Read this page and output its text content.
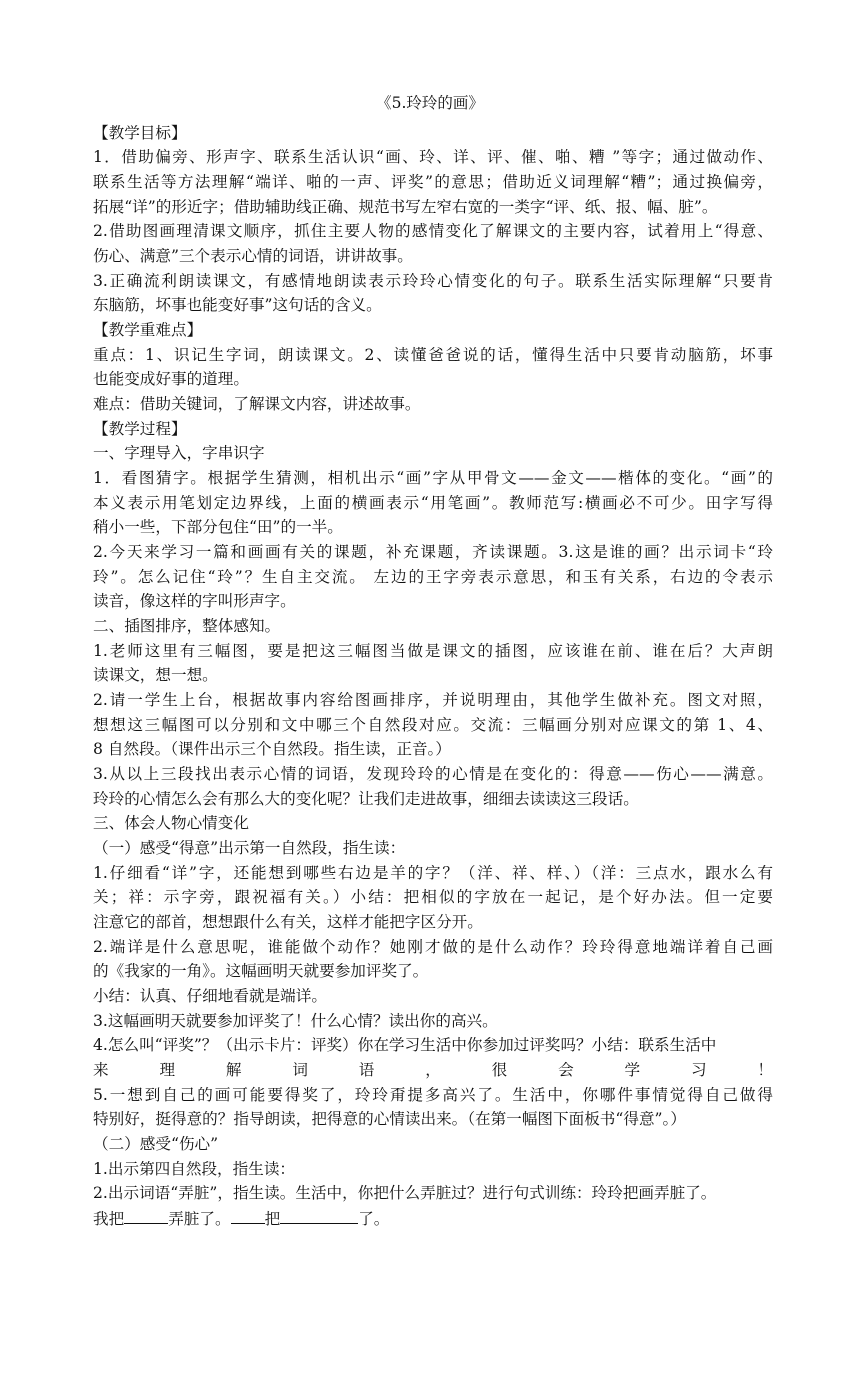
《5.玲玲的画》
【教学目标】
1．借助偏旁、形声字、联系生活认识“画、玲、详、评、催、啪、糟 ”等字；通过做动作、
联系生活等方法理解“端详、啪的一声、评奖”的意思；借助近义词理解“糟”；通过换偏旁，
拓展“详”的形近字；借助辅助线正确、规范书写左窄右宽的一类字“评、纸、报、幅、脏”。
2.借助图画理清课文顺序，抓住主要人物的感情变化了解课文的主要内容，试着用上“得意、
伤心、满意”三个表示心情的词语，讲讲故事。
3.正确流利朗读课文，有感情地朗读表示玲玲心情变化的句子。联系生活实际理解“只要肯
东脑筋，坏事也能变好事”这句话的含义。
【教学重难点】
重点：1、识记生字词，朗读课文。2、读懂爸爸说的话，懂得生活中只要肯动脑筋，坏事
也能变成好事的道理。
难点：借助关键词，了解课文内容，讲述故事。
【教学过程】
一、字理导入，字串识字
1．看图猜字。根据学生猜测，相机出示“画”字从甲骨文——金文——楷体的变化。“画”的
本义表示用笔划定边界线，上面的横画表示“用笔画”。教师范写:横画必不可少。田字写得
稍小一些，下部分包住“田”的一半。
2.今天来学习一篇和画画有关的课题，补充课题，齐读课题。3.这是谁的画？出示词卡“玲
玲”。怎么记住“玲”？生自主交流。 左边的王字旁表示意思，和玉有关系，右边的令表示
读音，像这样的字叫形声字。
二、插图排序，整体感知。
1.老师这里有三幅图，要是把这三幅图当做是课文的插图，应该谁在前、谁在后？大声朗
读课文，想一想。
2.请一学生上台，根据故事内容给图画排序，并说明理由，其他学生做补充。图文对照，
想想这三幅图可以分别和文中哪三个自然段对应。交流：三幅画分别对应课文的第 1、4、
8 自然段。（课件出示三个自然段。指生读，正音。）
3.从以上三段找出表示心情的词语，发现玲玲的心情是在变化的：得意——伤心——满意。
玲玲的心情怎么会有那么大的变化呢？让我们走进故事，细细去读读这三段话。
三、体会人物心情变化
（一）感受“得意”出示第一自然段，指生读：
1.仔细看“详”字，还能想到哪些右边是羊的字？（洋、祥、样、）（洋：三点水，跟水么有
关；祥：示字旁，跟祝福有关。）小结：把相似的字放在一起记，是个好办法。但一定要
注意它的部首，想想跟什么有关，这样才能把字区分开。
2.端详是什么意思呢，谁能做个动作？她刚才做的是什么动作？玲玲得意地端详着自己画
的《我家的一角》。这幅画明天就要参加评奖了。
小结：认真、仔细地看就是端详。
3.这幅画明天就要参加评奖了！什么心情？读出你的高兴。
4.怎么叫“评奖”？（出示卡片：评奖）你在学习生活中你参加过评奖吗？小结：联系生活中
来理解词语，很会学习！
5.一想到自己的画可能要得奖了，玲玲甭提多高兴了。生活中，你哪件事情觉得自己做得
特别好，挺得意的？指导朗读，把得意的心情读出来。（在第一幅图下面板书“得意”。）
（二）感受“伤心”
1.出示第四自然段，指生读：
2.出示词语“弄脏”，指生读。生活中，你把什么弄脏过？进行句式训练：玲玲把画弄脏了。
我把	弄脏了。 把	了。
